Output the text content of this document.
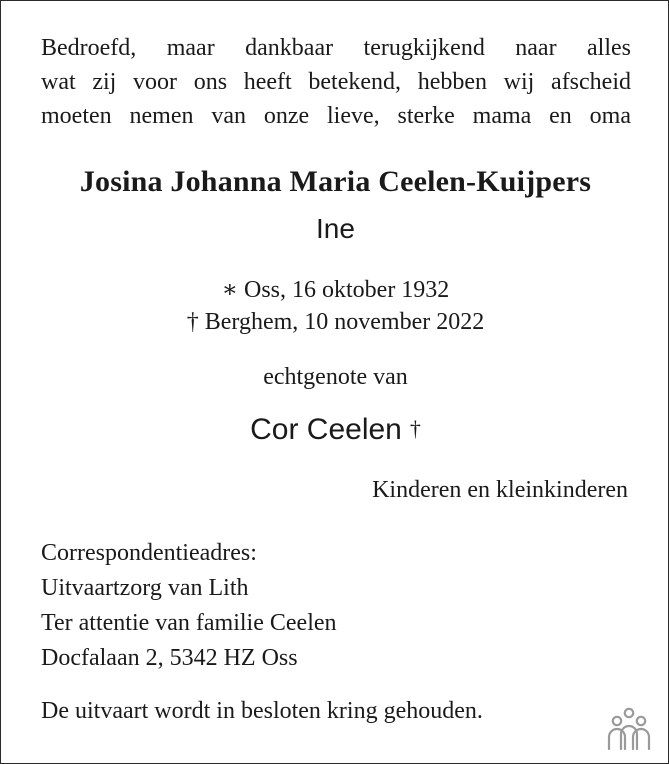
Bedroefd, maar dankbaar terugkijkend naar alles
wat zij voor ons heeft betekend, hebben wij afscheid
moeten nemen van onze lieve, sterke mama en oma
Josina Johanna Maria Ceelen-Kuijpers
Ine
∗ Oss, 16 oktober 1932
† Berghem, 10 november 2022
echtgenote van
Cor Ceelen †
Kinderen en kleinkinderen
Correspondentieadres:
Uitvaartzorg van Lith
Ter attentie van familie Ceelen
Docfalaan 2, 5342 HZ Oss
De uitvaart wordt in besloten kring gehouden.
